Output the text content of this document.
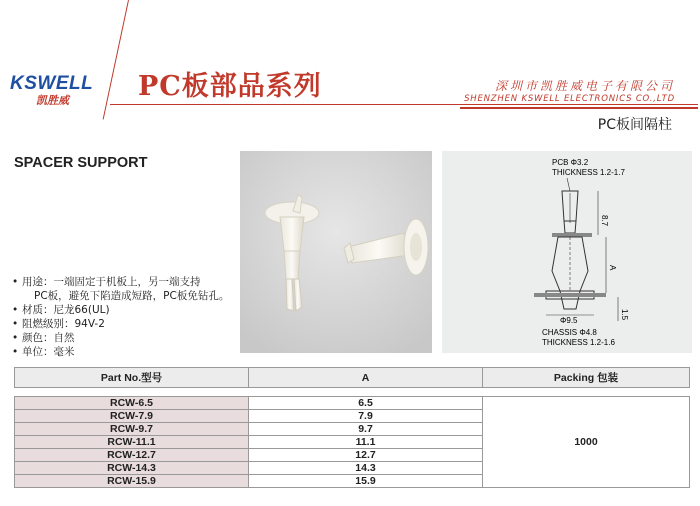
KSWELL
凯胜威	PC板部品系列	深圳市凯胜威电子有限公司
SHENZHEN KSWELL ELECTRONICS CO.,LTD
PC板间隔柱
SPACER SUPPORT
• 用途：一端固定于机板上，另一端支持
PC板，避免下陷造成短路，PC板免钻孔。
• 材质：尼龙66(UL)
• 阻燃级别：94V-2
• 颜色：自然
• 单位：毫米
PCB Φ3.2
THICKNESS 1.2-1.7
8.7
A
1.5
Φ9.5
CHASSIS Φ4.8
THICKNESS 1.2-1.6
Part No.型号	A	Packing 包装

RCW-6.5	6.5	1000
RCW-7.9	7.9	
RCW-9.7	9.7	
RCW-11.1	11.1	
RCW-12.7	12.7	
RCW-14.3	14.3	
RCW-15.9	15.9	
